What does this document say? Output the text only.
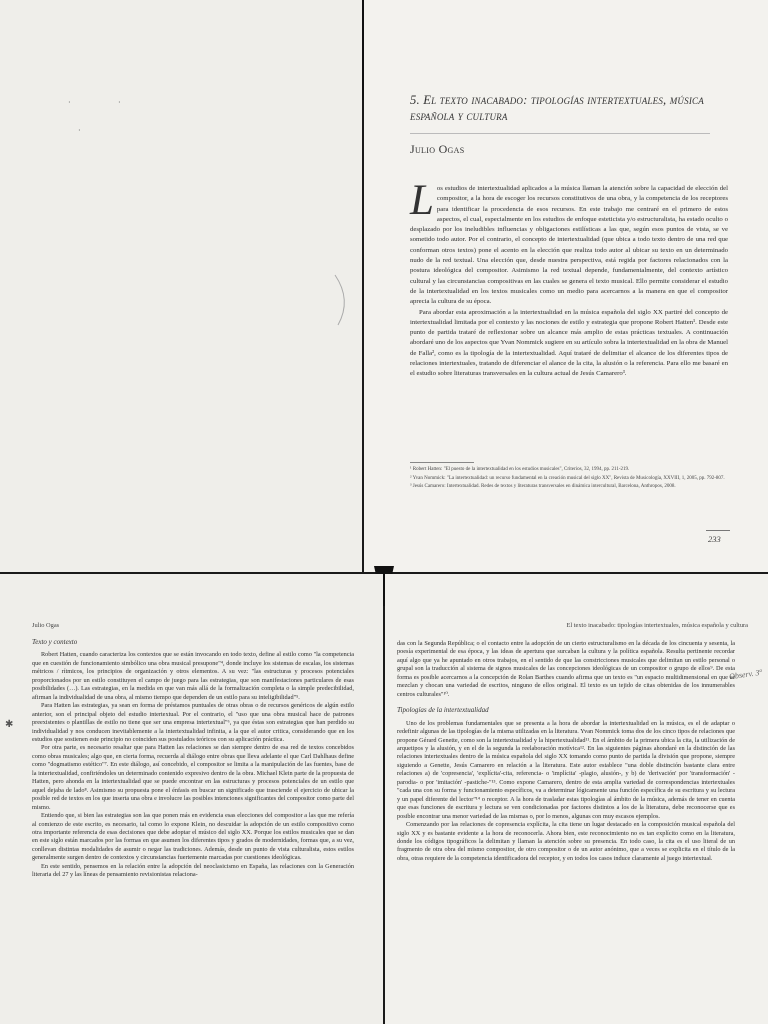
·
·
·	5. El texto inacabado: tipologías intertextuales, música española y cultura
Julio Ogas

Los estudios de intertextualidad aplicados a la música llaman la atención sobre la capacidad de elección del compositor, a la hora de escoger los recursos constitutivos de una obra, y la competencia de los receptores para identificar la procedencia de esos recursos. En este trabajo me centraré en el primero de estos aspectos, el cual, especialmente en los estudios de enfoque esteticista y/o estructuralista, ha estado oculto o desplazado por los ineludibles influencias y obligaciones estilísticas a las que, según esos puntos de vista, se ve sometido todo autor. Por el contrario, el concepto de intertextualidad (que ubica a todo texto dentro de una red que conforman otros textos) pone el acento en la elección que realiza todo autor al ubicar su texto en un determinado nudo de la red textual. Una elección que, desde nuestra perspectiva, está regida por factores relacionados con la postura ideológica del compositor. Asimismo la red textual depende, fundamentalmente, del contexto artístico cultural y las circunstancias compositivas en las cuales se genera el texto musical. Ello permite considerar el estudio de la intertextualidad en los textos musicales como un medio para acercarnos a la manera en que el compositor aprecia la cultura de su época.

Para abordar esta aproximación a la intertextualidad en la música española del siglo XX partiré del concepto de intertextualidad limitada por el contexto y las nociones de estilo y estrategia que propone Robert Hatten¹. Desde este punto de partida trataré de reflexionar sobre un alcance más amplio de estas prácticas textuales. A continuación abordaré uno de los aspectos que Yvan Nommick sugiere en su artículo sobra la intertextualidad en la obra de Manuel de Falla², como es la tipología de la intertextualidad. Aquí trataré de delimitar el alcance de los diferentes tipos de relaciones intertextuales, tratando de diferenciar el alance de la cita, la alusión o la referencia. Para ello me basaré en el estudio sobre literaturas transversales en la cultura actual de Jesús Camarero³.

¹ Robert Hatten: "El puesto de la intertextualidad en los estudios musicales", Criterios, 32, 1994, pp. 211-219.

² Yvan Nommick: "La intertextualidad: un recurso fundamental en la creación musical del siglo XX", Revista de Musicología, XXVIII, 1, 2005, pp. 792-807.

³ Jesús Camarero: Intertextualidad. Redes de textos y literaturas transversales en dinámica intercultural, Barcelona, Anthropos, 2008.

233
Julio Ogas
✱
Texto y contexto

Robert Hatten, cuando caracteriza los contextos que se están invocando en todo texto, define al estilo como "la competencia que en cuestión de funcionamiento simbólico una obra musical presupone"⁴, donde incluye los sistemas de escalas, los sistemas métricos / rítmicos, los principios de organización y otros elementos. A su vez: "las estructuras y procesos potenciales proporcionados por un estilo constituyen el campo de juego para las estrategias, que son manifestaciones particulares de esas posibilidades (…). Las estrategias, en la medida en que van más allá de la formalización completa o la simple predecibilidad, afirman la individualidad de una obra, al mismo tiempo que dependen de un estilo para su inteligibilidad"⁵.

Para Hatten las estrategias, ya sean en forma de préstamos puntuales de otras obras o de recursos genéricos de algún estilo anterior, son el principal objeto del estudio intertextual. Por el contrario, el "uso que una obra musical hace de patrones preexistentes o plantillas de estilo no tiene que ser una empresa intertextual"⁶, ya que éstas son estrategias que han perdido su individualidad y nos conducen inevitablemente a la intertextualidad infinita, a la que el autor critica, considerando que en los estudios que sostienen este principio no coinciden sus postulados teóricos con su aplicación práctica.

Por otra parte, es necesario resaltar que para Hatten las relaciones se dan siempre dentro de esa red de textos concebidos como obras musicales; algo que, en cierta forma, recuerda al diálogo entre obras que lleva adelante el que Carl Dahlhaus define como "dogmatismo estético"⁷. En este diálogo, así concebido, el compositor se limita a la manipulación de las fuentes, base de la intertextualidad, confiriéndoles un determinado contenido expresivo dentro de la obra. Michael Klein parte de la propuesta de Hatten, pero ahonda en la intertextualidad que se puede encontrar en las estructuras y procesos potenciales de un estilo que aquel dejaba de lado⁸. Asimismo su propuesta pone el énfasis en buscar un significado que trasciende el ejercicio de ubicar la posible red de textos en los que inserta una obra e involucre las posibles intenciones significantes del compositor como parte del mismo.

Entiendo que, si bien las estrategias son las que ponen más en evidencia esas elecciones del compositor a las que me refería al comienzo de este escrito, es necesario, tal como lo expone Klein, no descuidar la adopción de un estilo compositivo como otra importante referencia de esas decisiones que debe adoptar el músico del siglo XX. Porque los estilos musicales que se dan en este siglo están marcados por las formas en que asumen los diferentes tipos y grados de modernidades, formas que, a su vez, conllevan distintas modalidades de asumir o negar las tradiciones. Además, desde un punto de vista culturalista, estos estilos generalmente surgen dentro de contextos y circunstancias fuertemente marcadas por cuestiones ideológicas.

En este sentido, pensemos en la relación entre la adopción del neoclasicismo en España, las relaciones con la Generación literaria del 27 y las líneas de pensamiento revisionistas relaciona-

El texto inacabado: tipologías intertextuales, música española y cultura
Observ. 3ª

das con la Segunda República; o el contacto entre la adopción de un cierto estructuralismo en la década de los cincuenta y sesenta, la poesía experimental de esa época, y las ideas de apertura que surcaban la cultura y la política española. Resulta pertinente recordar aquí algo que ya he apuntado en otros trabajos, en el sentido de que las constricciones musicales que delimitan un estilo personal o grupal son la traducción al sistema de signos musicales de las concepciones ideológicas de un compositor o grupo de ellos⁹. De esta forma es posible acercarnos a la concepción de Rolan Barthes cuando afirma que un texto es "un espacio multidimensional en que se mezclan y chocan una variedad de escritos, ninguno de ellos original. El texto es un tejido de citas obtenidas de los innumerables centros culturales"¹⁰.

Tipologías de la intertextualidad

Uno de los problemas fundamentales que se presenta a la hora de abordar la intertextualidad en la música, es el de adaptar o redefinir algunas de las tipologías de la misma utilizadas en la literatura. Yvan Nommick toma dos de los cinco tipos de relaciones que propone Gérard Genette, como son la intertextualidad y la hipertextualidad¹¹. En el ámbito de la primera ubica la cita, la utilización de arquetipos y la alusión, y en el de la segunda la reelaboración motívica¹². En las siguientes páginas ahondaré en la distinción de las relaciones intertextuales dentro de la música española del siglo XX tomando como punto de partida la división que propone, siempre siguiendo a Genette, Jesús Camarero en relación a la literatura. Este autor establece "una doble distinción bastante clara entre relaciones a) de 'copresencia', 'explícita'-cita, referencia- o 'implícita' -plagio, alusión-, y b) de 'derivación' por 'transformación' -parodia- o por 'imitación' -pastiche-"¹³. Como expone Camarero, dentro de esta amplia variedad de correspondencias intertextuales "cada una con su forma y funcionamiento específicos, va a determinar lógicamente una función específica de su escritura y su lectura y un papel diferente del lector"¹⁴ o receptor. A la hora de trasladar estas tipologías al ámbito de la música, además de tener en cuenta que esas funciones de escritura y lectura se ven condicionadas por factores distintos a los de la literatura, debe reconocerse que es posible encontrar una menor variedad de las mismas o, por lo menos, algunas con muy escasos ejemplos.

Comenzando por las relaciones de copresencia explícita, la cita tiene un lugar destacado en la composición musical española del siglo XX y es bastante evidente a la hora de reconocerla. Ahora bien, este reconocimiento no es tan explícito como en la literatura, donde los códigos tipográficos la delimitan y llaman la atención sobre su presencia. En todo caso, la cita es el uso literal de un fragmento de otra obra del mismo compositor, de otro compositor o de un autor anónimo, que a veces se explicita en el título de la obra, otras requiere de la competencia identificadora del receptor, y en todos los casos induce claramente al juego intertextual.
